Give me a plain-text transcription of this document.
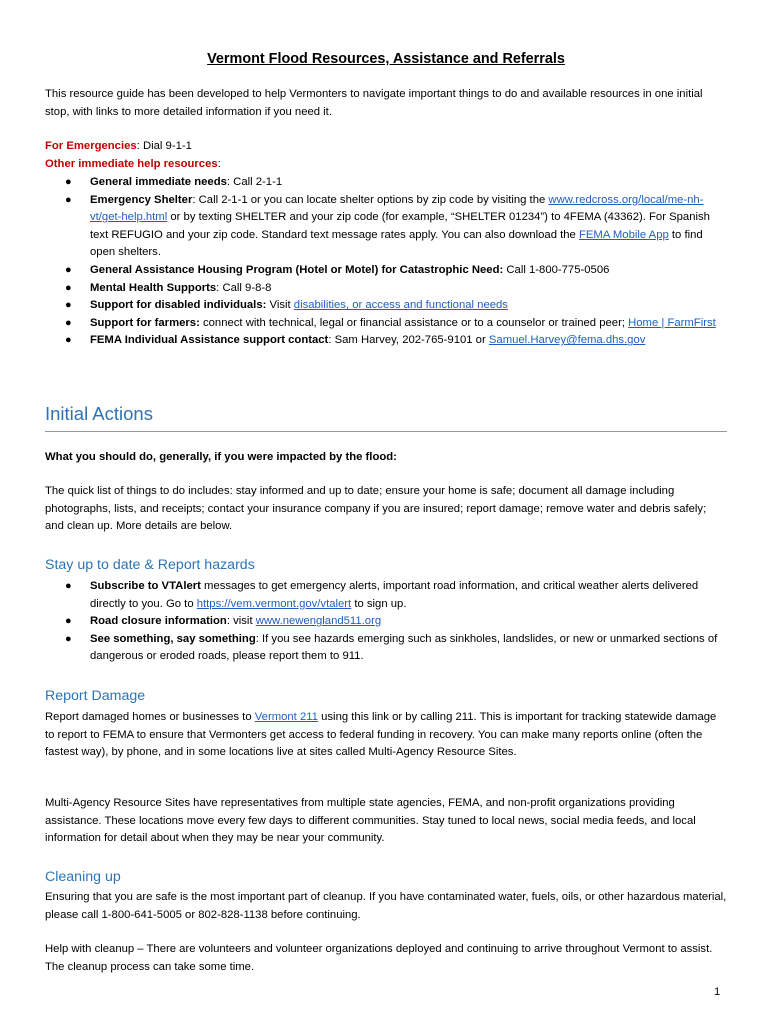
Vermont Flood Resources, Assistance and Referrals

This resource guide has been developed to help Vermonters to navigate important things to do and available resources in one initial stop, with links to more detailed information if you need it.

For Emergencies: Dial 9-1-1
Other immediate help resources:
● General immediate needs: Call 2-1-1
● Emergency Shelter: Call 2-1-1 or you can locate shelter options by zip code by visiting the www.redcross.org/local/me-nh-vt/get-help.html or by texting SHELTER and your zip code (for example, “SHELTER 01234”) to 4FEMA (43362). For Spanish text REFUGIO and your zip code. Standard text message rates apply. You can also download the FEMA Mobile App to find open shelters.
● General Assistance Housing Program (Hotel or Motel) for Catastrophic Need: Call 1-800-775-0506
● Mental Health Supports: Call 9-8-8
● Support for disabled individuals: Visit disabilities, or access and functional needs
● Support for farmers: connect with technical, legal or financial assistance or to a counselor or trained peer; Home | FarmFirst
● FEMA Individual Assistance support contact: Sam Harvey, 202-765-9101 or Samuel.Harvey@fema.dhs.gov
Initial Actions

What you should do, generally, if you were impacted by the flood:

The quick list of things to do includes: stay informed and up to date; ensure your home is safe; document all damage including photographs, lists, and receipts; contact your insurance company if you are insured; report damage; remove water and debris safely; and clean up. More details are below.

Stay up to date & Report hazards
● Subscribe to VTAlert messages to get emergency alerts, important road information, and critical weather alerts delivered directly to you. Go to https://vem.vermont.gov/vtalert to sign up.
● Road closure information: visit www.newengland511.org
● See something, say something: If you see hazards emerging such as sinkholes, landslides, or new or unmarked sections of dangerous or eroded roads, please report them to 911.
Report Damage

Report damaged homes or businesses to Vermont 211 using this link or by calling 211. This is important for tracking statewide damage to report to FEMA to ensure that Vermonters get access to federal funding in recovery. You can make many reports online (often the fastest way), by phone, and in some locations live at sites called Multi-Agency Resource Sites.

Multi-Agency Resource Sites have representatives from multiple state agencies, FEMA, and non-profit organizations providing assistance. These locations move every few days to different communities. Stay tuned to local news, social media feeds, and local information for detail about when they may be near your community.

Cleaning up

Ensuring that you are safe is the most important part of cleanup. If you have contaminated water, fuels, oils, or other hazardous material, please call 1-800-641-5005 or 802-828-1138 before continuing.

Help with cleanup – There are volunteers and volunteer organizations deployed and continuing to arrive throughout Vermont to assist. The cleanup process can take some time.

1
